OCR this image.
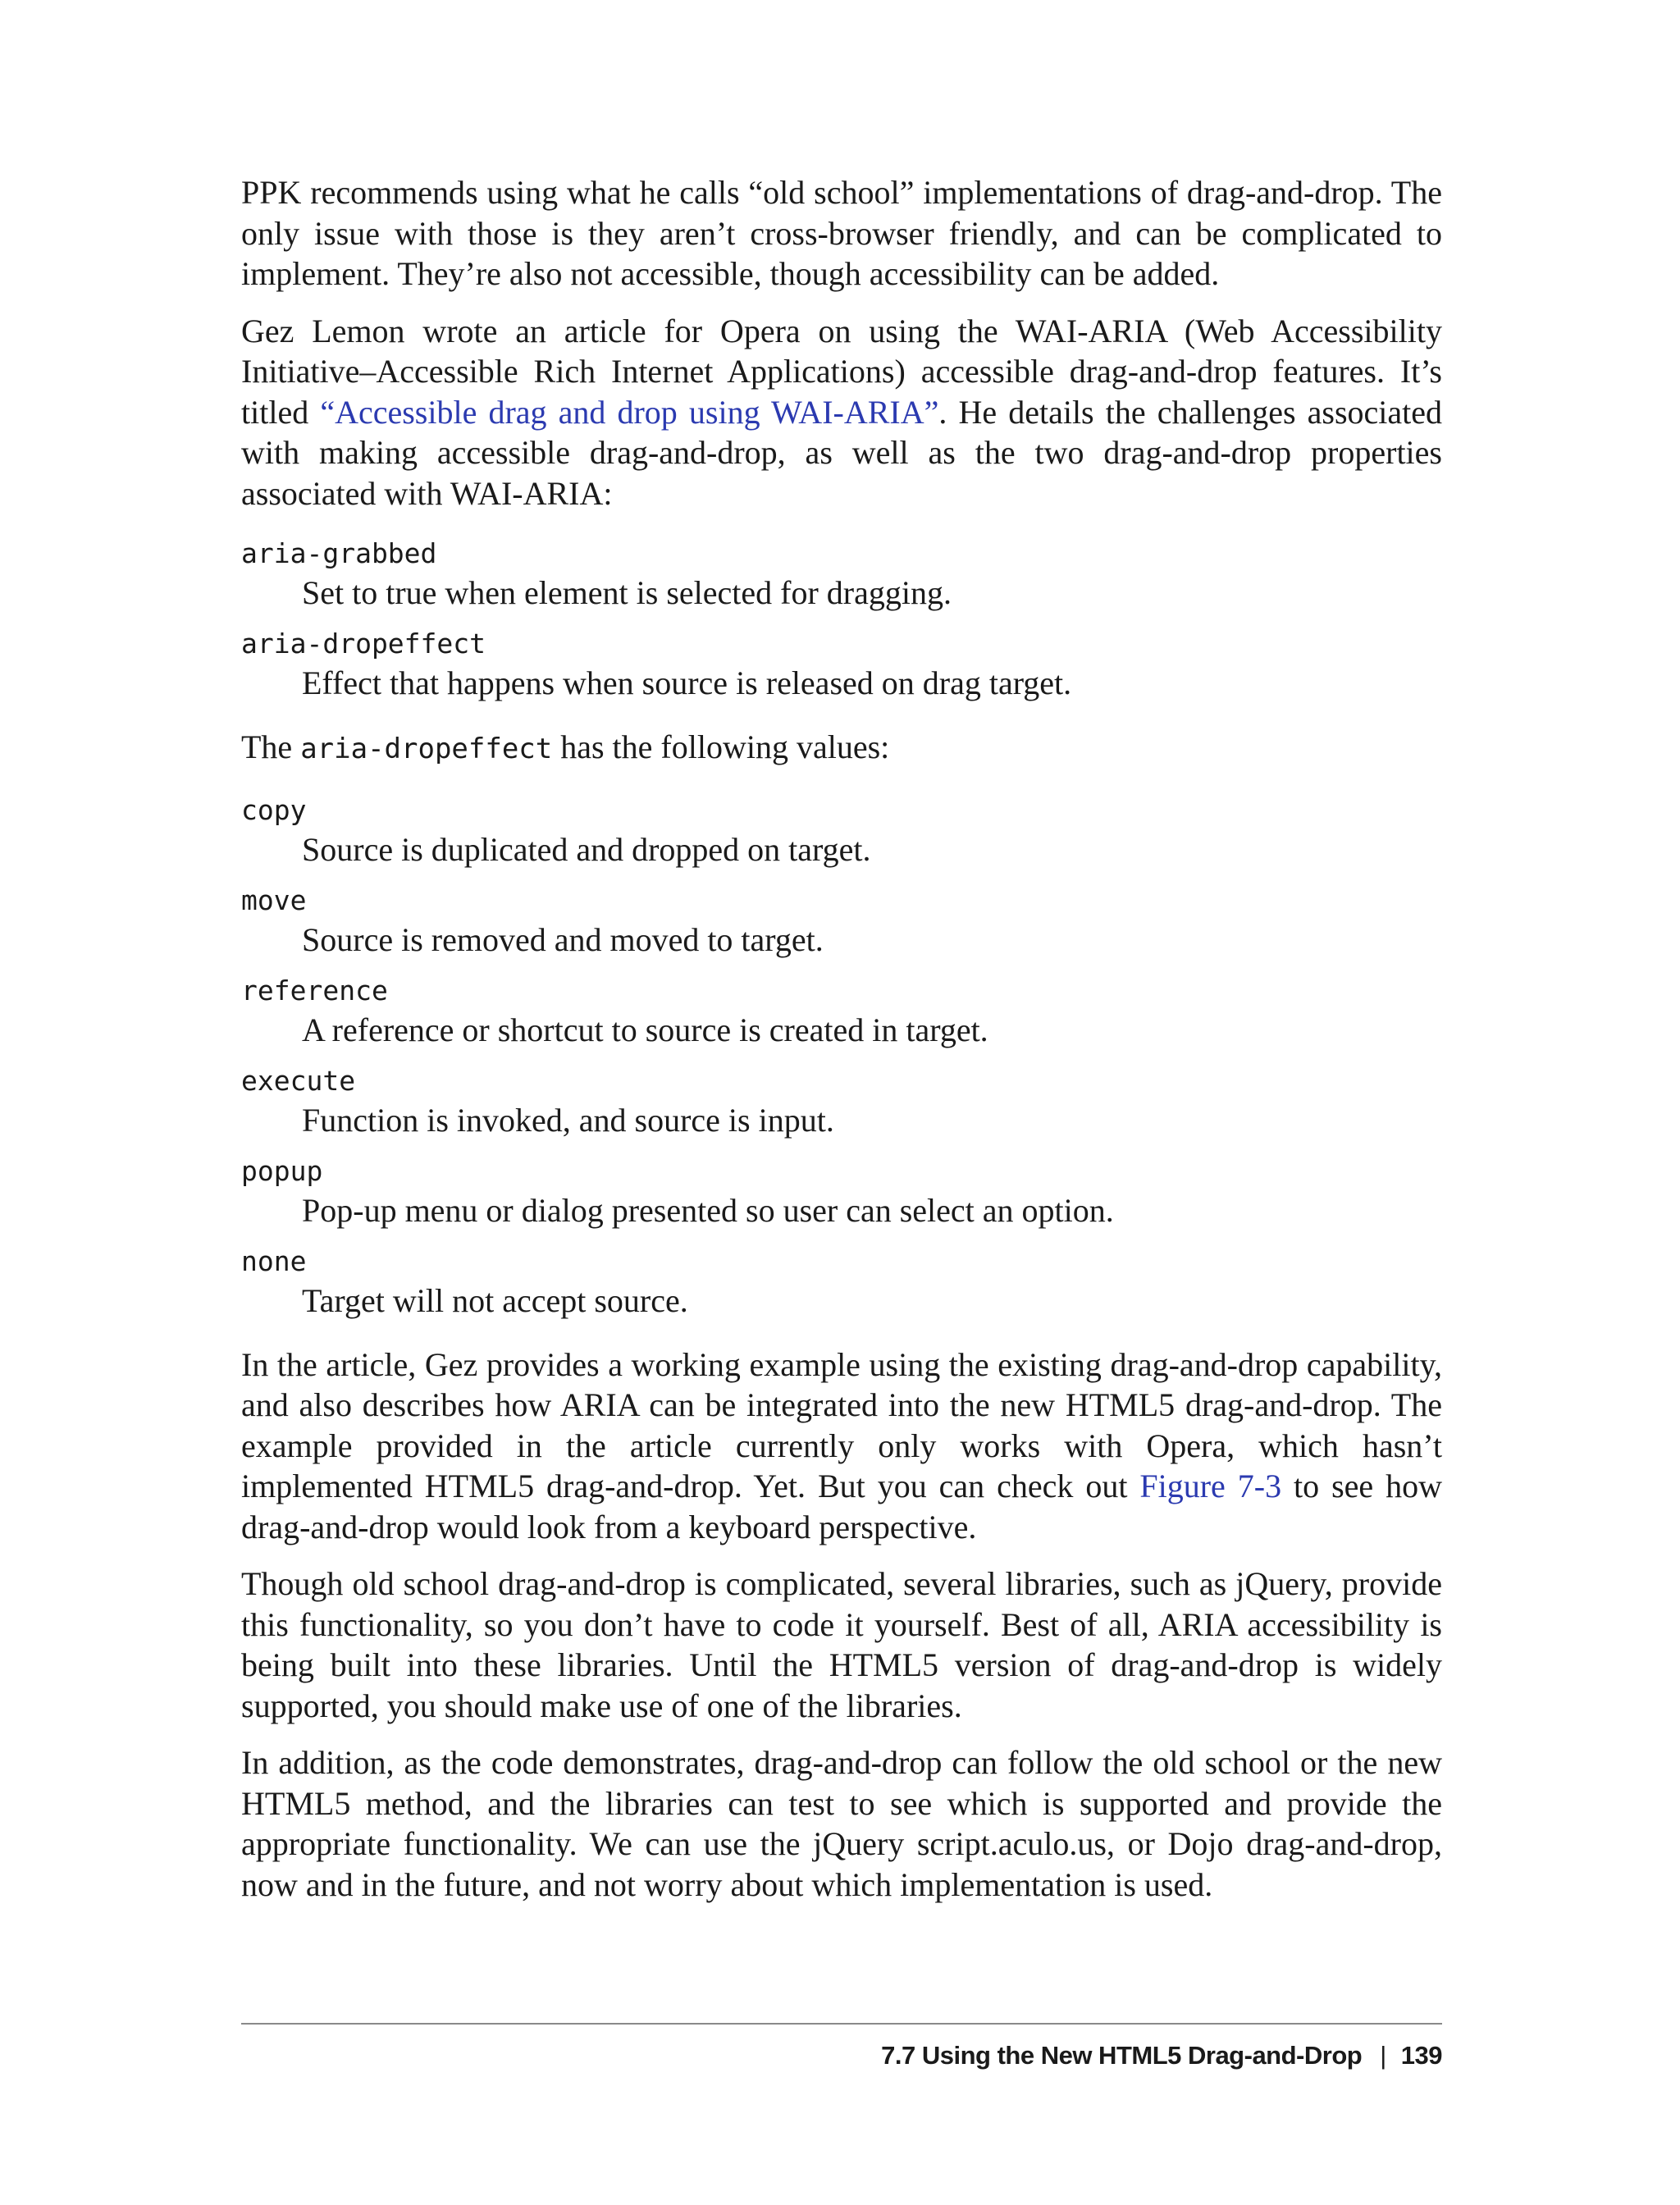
PPK recommends using what he calls “old school” implementations of drag-and-drop. The only issue with those is they aren’t cross-browser friendly, and can be complicated to implement. They’re also not accessible, though accessibility can be added.

Gez Lemon wrote an article for Opera on using the WAI-ARIA (Web Accessibility Initiative–Accessible Rich Internet Applications) accessible drag-and-drop features. It’s titled “Accessible drag and drop using WAI-ARIA”. He details the challenges associated with making accessible drag-and-drop, as well as the two drag-and-drop properties associated with WAI-ARIA:

aria-grabbed
Set to true when element is selected for dragging.
aria-dropeffect
Effect that happens when source is released on drag target.

The aria-dropeffect has the following values:

copy
Source is duplicated and dropped on target.
move
Source is removed and moved to target.
reference
A reference or shortcut to source is created in target.
execute
Function is invoked, and source is input.
popup
Pop-up menu or dialog presented so user can select an option.
none
Target will not accept source.

In the article, Gez provides a working example using the existing drag-and-drop capability, and also describes how ARIA can be integrated into the new HTML5 drag-and-drop. The example provided in the article currently only works with Opera, which hasn’t implemented HTML5 drag-and-drop. Yet. But you can check out Figure 7-3 to see how drag-and-drop would look from a keyboard perspective.

Though old school drag-and-drop is complicated, several libraries, such as jQuery, provide this functionality, so you don’t have to code it yourself. Best of all, ARIA accessibility is being built into these libraries. Until the HTML5 version of drag-and-drop is widely supported, you should make use of one of the libraries.

In addition, as the code demonstrates, drag-and-drop can follow the old school or the new HTML5 method, and the libraries can test to see which is supported and provide the appropriate functionality. We can use the jQuery script.aculo.us, or Dojo drag-and-drop, now and in the future, and not worry about which implementation is used.

7.7 Using the New HTML5 Drag-and-Drop | 139
